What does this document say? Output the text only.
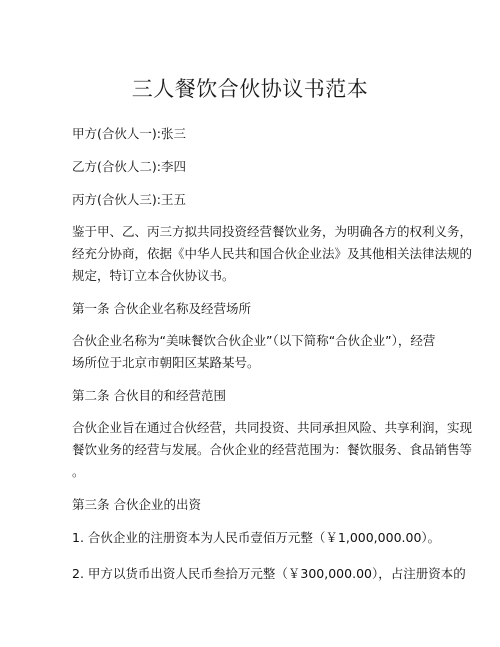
三人餐饮合伙协议书范本
甲方(合伙人一):张三
乙方(合伙人二):李四
丙方(合伙人三):王五
鉴于甲、乙、丙三方拟共同投资经营餐饮业务，为明确各方的权利义务，
经充分协商，依据《中华人民共和国合伙企业法》及其他相关法律法规的
规定，特订立本合伙协议书。
第一条 合伙企业名称及经营场所
合伙企业名称为“美味餐饮合伙企业”（以下简称“合伙企业”），经营
场所位于北京市朝阳区某路某号。
第二条 合伙目的和经营范围
合伙企业旨在通过合伙经营，共同投资、共同承担风险、共享利润，实现
餐饮业务的经营与发展。合伙企业的经营范围为：餐饮服务、食品销售等
。
第三条 合伙企业的出资
1. 合伙企业的注册资本为人民币壹佰万元整（￥1,000,000.00）。
2. 甲方以货币出资人民币叁拾万元整（￥300,000.00），占注册资本的
